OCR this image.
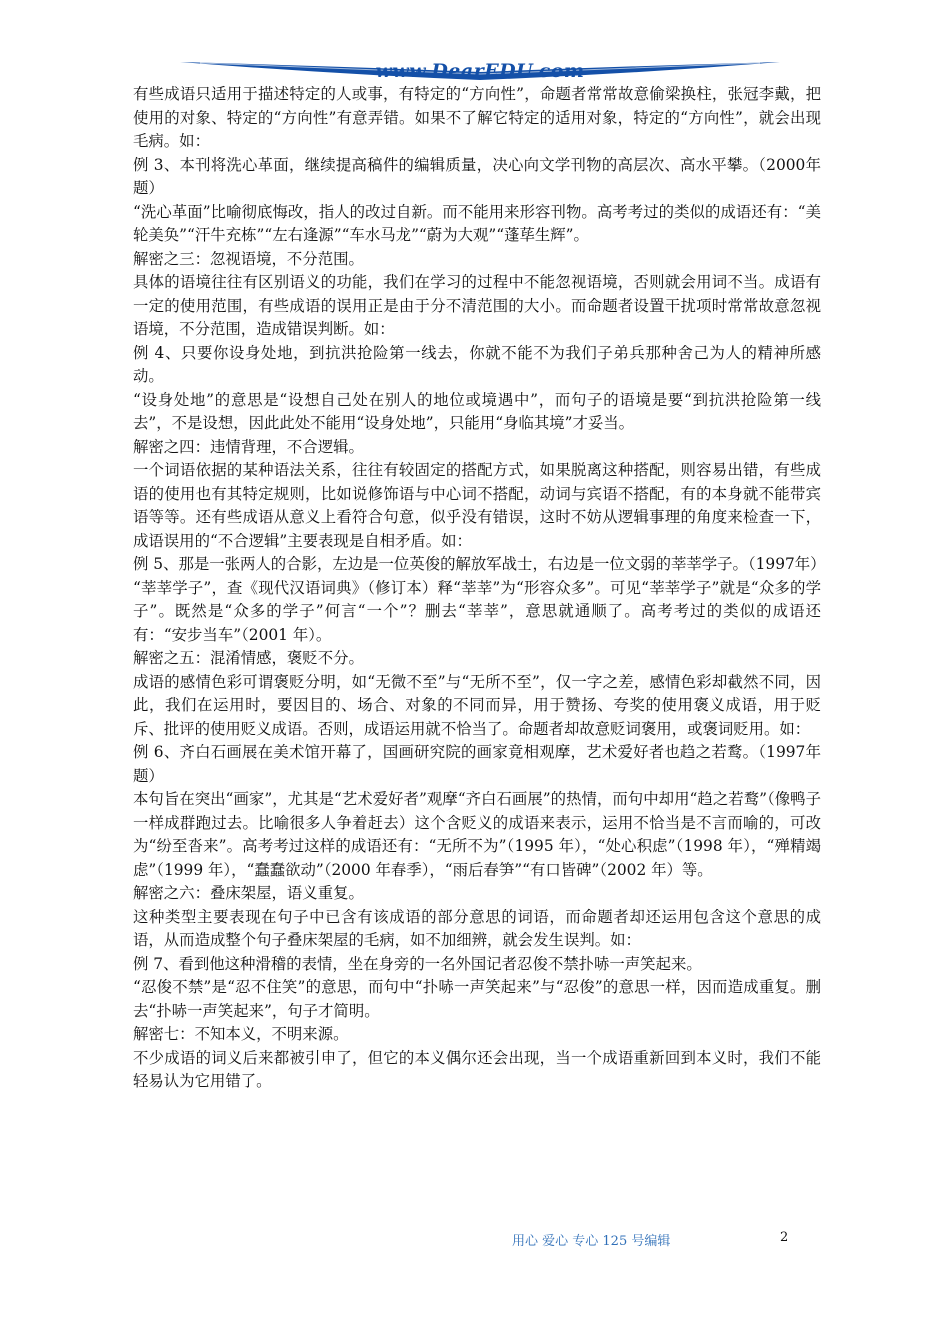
www.DearEDU.com

有些成语只适用于描述特定的人或事，有特定的“方向性”，命题者常常故意偷梁换柱，张冠李戴，把使用的对象、特定的“方向性”有意弄错。如果不了解它特定的适用对象，特定的“方向性”，就会出现毛病。如：

例 3、本刊将洗心革面，继续提高稿件的编辑质量，决心向文学刊物的高层次、高水平攀。（2000年题）

“洗心革面”比喻彻底悔改，指人的改过自新。而不能用来形容刊物。高考考过的类似的成语还有：“美轮美奂”“汗牛充栋”“左右逢源”“车水马龙”“蔚为大观”“蓬荜生辉”。

解密之三：忽视语境，不分范围。

具体的语境往往有区别语义的功能，我们在学习的过程中不能忽视语境，否则就会用词不当。成语有一定的使用范围，有些成语的误用正是由于分不清范围的大小。而命题者设置干扰项时常常故意忽视语境，不分范围，造成错误判断。如：

例 4、只要你设身处地，到抗洪抢险第一线去，你就不能不为我们子弟兵那种舍己为人的精神所感动。

“设身处地”的意思是“设想自己处在别人的地位或境遇中”，而句子的语境是要“到抗洪抢险第一线去”，不是设想，因此此处不能用“设身处地”，只能用“身临其境”才妥当。

解密之四：违情背理，不合逻辑。

一个词语依据的某种语法关系，往往有较固定的搭配方式，如果脱离这种搭配，则容易出错，有些成语的使用也有其特定规则，比如说修饰语与中心词不搭配，动词与宾语不搭配，有的本身就不能带宾语等等。还有些成语从意义上看符合句意，似乎没有错误，这时不妨从逻辑事理的角度来检查一下，成语误用的“不合逻辑”主要表现是自相矛盾。如：

例 5、那是一张两人的合影，左边是一位英俊的解放军战士，右边是一位文弱的莘莘学子。（1997年）

“莘莘学子”，查《现代汉语词典》（修订本）释“莘莘”为“形容众多”。可见“莘莘学子”就是“众多的学子”。既然是“众多的学子”何言“一个”？删去“莘莘”，意思就通顺了。高考考过的类似的成语还有：“安步当车”（2001 年）。

解密之五：混淆情感，褒贬不分。

成语的感情色彩可谓褒贬分明，如“无微不至”与“无所不至”，仅一字之差，感情色彩却截然不同，因此，我们在运用时，要因目的、场合、对象的不同而异，用于赞扬、夸奖的使用褒义成语，用于贬斥、批评的使用贬义成语。否则，成语运用就不恰当了。命题者却故意贬词褒用，或褒词贬用。如：

例 6、齐白石画展在美术馆开幕了，国画研究院的画家竟相观摩，艺术爱好者也趋之若鹜。（1997年题）

本句旨在突出“画家”，尤其是“艺术爱好者”观摩“齐白石画展”的热情，而句中却用“趋之若鹜”（像鸭子一样成群跑过去。比喻很多人争着赶去）这个含贬义的成语来表示，运用不恰当是不言而喻的，可改为“纷至沓来”。高考考过这样的成语还有：“无所不为”（1995 年），“处心积虑”（1998 年），“殚精竭虑”（1999 年），“蠢蠢欲动”（2000 年春季），“雨后春笋”“有口皆碑”（2002 年）等。

解密之六：叠床架屋，语义重复。

这种类型主要表现在句子中已含有该成语的部分意思的词语，而命题者却还运用包含这个意思的成语，从而造成整个句子叠床架屋的毛病，如不加细辨，就会发生误判。如：

例 7、看到他这种滑稽的表情，坐在身旁的一名外国记者忍俊不禁扑哧一声笑起来。

“忍俊不禁”是“忍不住笑”的意思，而句中“扑哧一声笑起来”与“忍俊”的意思一样，因而造成重复。删去“扑哧一声笑起来”，句子才简明。

解密七：不知本义，不明来源。

不少成语的词义后来都被引申了，但它的本义偶尔还会出现，当一个成语重新回到本义时，我们不能轻易认为它用错了。

用心 爱心 专心 125 号编辑	2
